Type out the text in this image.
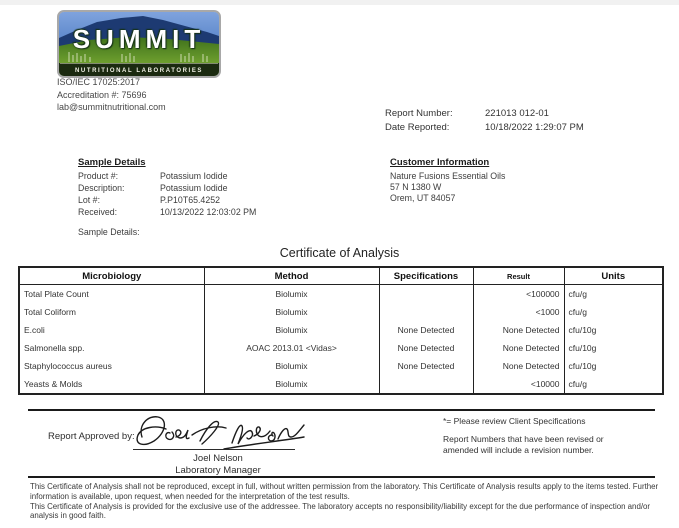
SUMMIT
NUTRITIONAL LABORATORIES
ISO/IEC 17025:2017
Accreditation #: 75696
lab@summitnutritional.com
Report Number:	221013 012-01
Date Reported:	10/18/2022 1:29:07 PM
Sample Details
Product #:	Potassium Iodide
Description:	Potassium Iodide
Lot #:	P.P10T65.4252
Received:	10/13/2022 12:03:02 PM
Sample Details:
Customer Information
Nature Fusions Essential Oils
57 N 1380 W
Orem, UT 84057
Certificate of Analysis
Microbiology	Method	Specifications	Result	Units
Total Plate Count	Biolumix		<100000	cfu/g
Total Coliform	Biolumix		<1000	cfu/g
E.coli	Biolumix	None Detected	None Detected	cfu/10g
Salmonella spp.	AOAC 2013.01 <Vidas>	None Detected	None Detected	cfu/10g
Staphylococcus aureus	Biolumix	None Detected	None Detected	cfu/10g
Yeasts & Molds	Biolumix		<10000	cfu/g
Report Approved by:
Joel Nelson
Laboratory Manager
*= Please review Client Specifications
Report Numbers that have been revised or amended will include a revision number.

This Certificate of Analysis shall not be reproduced, except in full, without written permission from the laboratory. This Certificate of Analysis results apply to the items tested. Further information is available, upon request, when needed for the interpretation of the test results.

This Certificate of Analysis is provided for the exclusive use of the addressee. The laboratory accepts no responsibility/liability except for the due performance of inspection and/or analysis in good faith.
